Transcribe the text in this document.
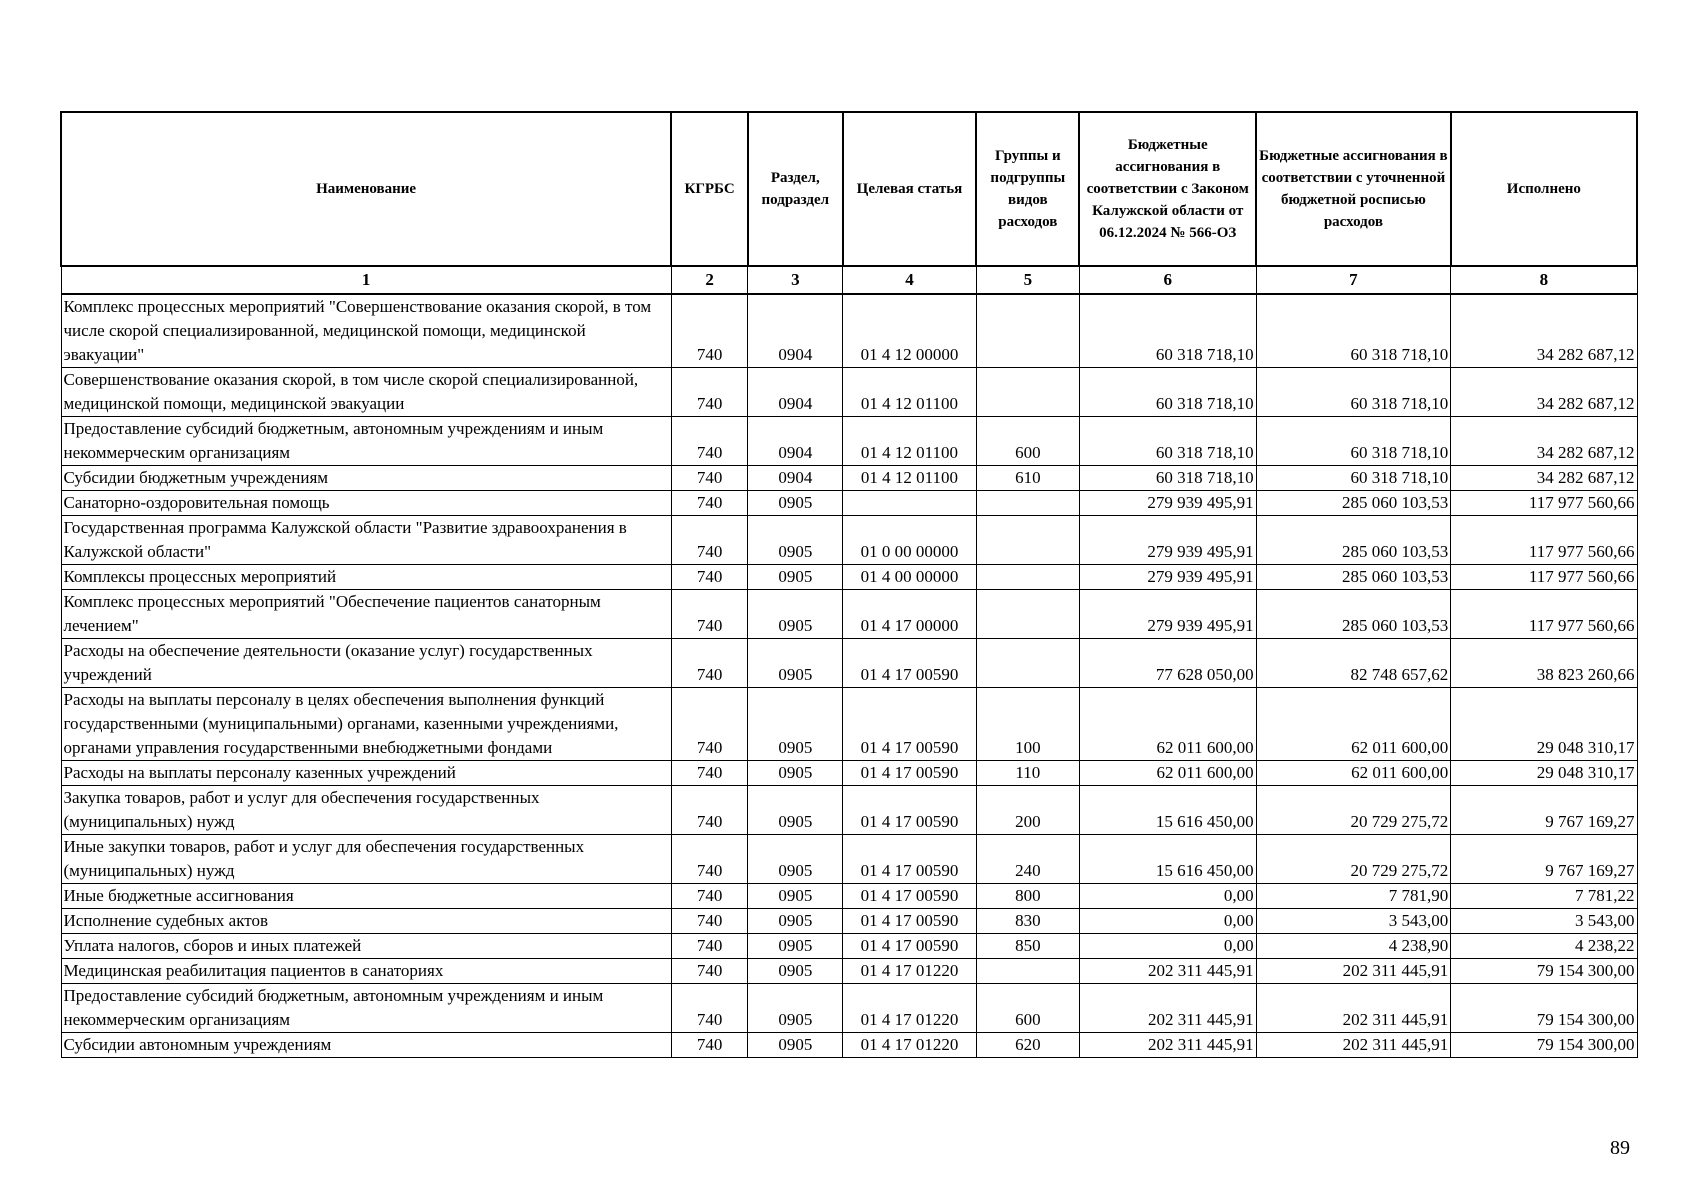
Наименование	КГРБС	Раздел, подраздел	Целевая статья	Группы и подгруппы видов расходов	Бюджетные ассигнования в соответствии с Законом Калужской области от 06.12.2024 № 566-ОЗ	Бюджетные ассигнования в соответствии с уточненной бюджетной росписью расходов	Исполнено
1	2	3	4	5	6	7	8
Комплекс процессных мероприятий "Совершенствование оказания скорой, в том числе скорой специализированной, медицинской помощи, медицинской эвакуации"	740	0904	01 4 12 00000		60 318 718,10	60 318 718,10	34 282 687,12
Совершенствование оказания скорой, в том числе скорой специализированной, медицинской помощи, медицинской эвакуации	740	0904	01 4 12 01100		60 318 718,10	60 318 718,10	34 282 687,12
Предоставление субсидий бюджетным, автономным учреждениям и иным некоммерческим организациям	740	0904	01 4 12 01100	600	60 318 718,10	60 318 718,10	34 282 687,12
Субсидии бюджетным учреждениям	740	0904	01 4 12 01100	610	60 318 718,10	60 318 718,10	34 282 687,12
Санаторно-оздоровительная помощь	740	0905			279 939 495,91	285 060 103,53	117 977 560,66
Государственная программа Калужской области "Развитие здравоохранения в Калужской области"	740	0905	01 0 00 00000		279 939 495,91	285 060 103,53	117 977 560,66
Комплексы процессных мероприятий	740	0905	01 4 00 00000		279 939 495,91	285 060 103,53	117 977 560,66
Комплекс процессных мероприятий "Обеспечение пациентов санаторным лечением"	740	0905	01 4 17 00000		279 939 495,91	285 060 103,53	117 977 560,66
Расходы на обеспечение деятельности (оказание услуг) государственных учреждений	740	0905	01 4 17 00590		77 628 050,00	82 748 657,62	38 823 260,66
Расходы на выплаты персоналу в целях обеспечения выполнения функций государственными (муниципальными) органами, казенными учреждениями, органами управления государственными внебюджетными фондами	740	0905	01 4 17 00590	100	62 011 600,00	62 011 600,00	29 048 310,17
Расходы на выплаты персоналу казенных учреждений	740	0905	01 4 17 00590	110	62 011 600,00	62 011 600,00	29 048 310,17
Закупка товаров, работ и услуг для обеспечения государственных (муниципальных) нужд	740	0905	01 4 17 00590	200	15 616 450,00	20 729 275,72	9 767 169,27
Иные закупки товаров, работ и услуг для обеспечения государственных (муниципальных) нужд	740	0905	01 4 17 00590	240	15 616 450,00	20 729 275,72	9 767 169,27
Иные бюджетные ассигнования	740	0905	01 4 17 00590	800	0,00	7 781,90	7 781,22
Исполнение судебных актов	740	0905	01 4 17 00590	830	0,00	3 543,00	3 543,00
Уплата налогов, сборов и иных платежей	740	0905	01 4 17 00590	850	0,00	4 238,90	4 238,22
Медицинская реабилитация пациентов в санаториях	740	0905	01 4 17 01220		202 311 445,91	202 311 445,91	79 154 300,00
Предоставление субсидий бюджетным, автономным учреждениям и иным некоммерческим организациям	740	0905	01 4 17 01220	600	202 311 445,91	202 311 445,91	79 154 300,00
Субсидии автономным учреждениям	740	0905	01 4 17 01220	620	202 311 445,91	202 311 445,91	79 154 300,00
89
